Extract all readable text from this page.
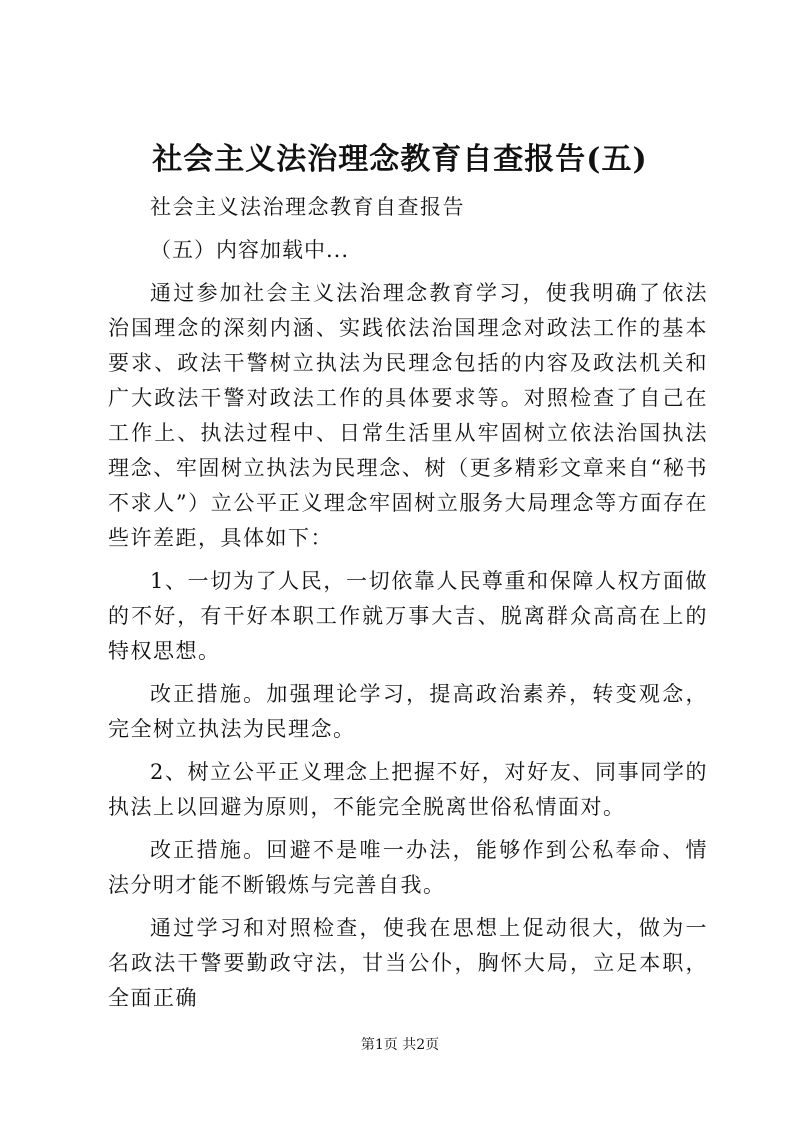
社会主义法治理念教育自查报告(五)

社会主义法治理念教育自查报告

（五）内容加载中...

通过参加社会主义法治理念教育学习，使我明确了依法治国理念的深刻内涵、实践依法治国理念对政法工作的基本要求、政法干警树立执法为民理念包括的内容及政法机关和广大政法干警对政法工作的具体要求等。对照检查了自己在工作上、执法过程中、日常生活里从牢固树立依法治国执法理念、牢固树立执法为民理念、树（更多精彩文章来自“秘书不求人”）立公平正义理念牢固树立服务大局理念等方面存在些许差距，具体如下：

1、一切为了人民，一切依靠人民尊重和保障人权方面做的不好，有干好本职工作就万事大吉、脱离群众高高在上的特权思想。

改正措施。加强理论学习，提高政治素养，转变观念，完全树立执法为民理念。

2、树立公平正义理念上把握不好，对好友、同事同学的执法上以回避为原则，不能完全脱离世俗私情面对。

改正措施。回避不是唯一办法，能够作到公私奉命、情法分明才能不断锻炼与完善自我。

通过学习和对照检查，使我在思想上促动很大，做为一名政法干警要勤政守法，甘当公仆，胸怀大局，立足本职，全面正确

第1页 共2页
